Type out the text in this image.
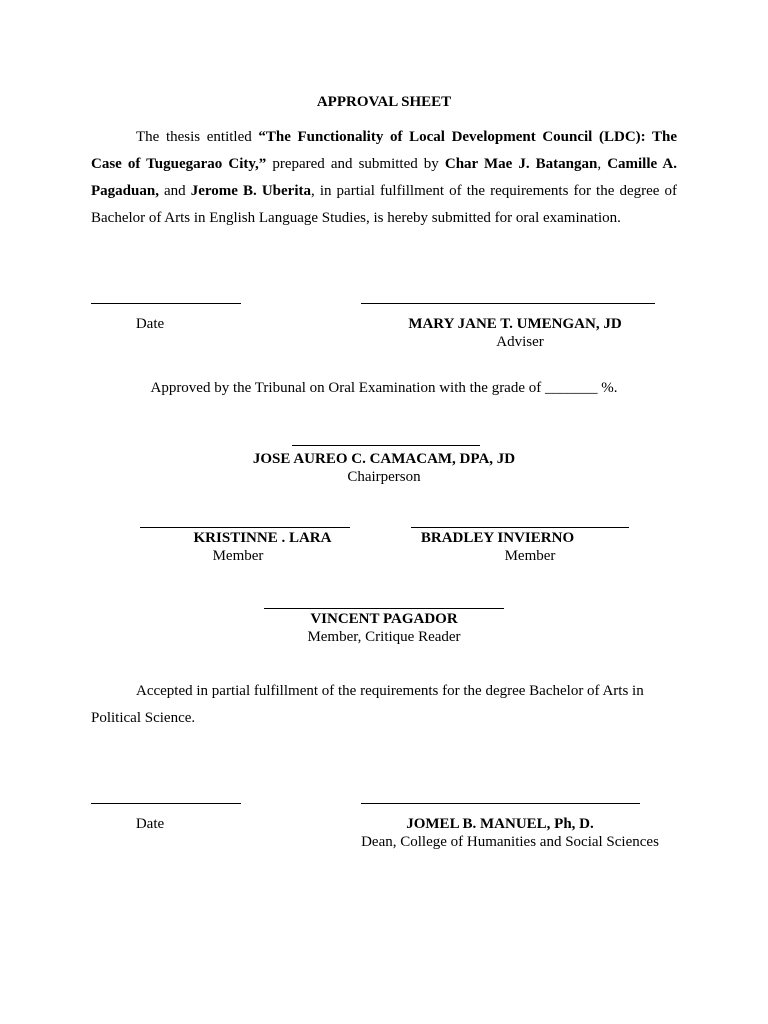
APPROVAL SHEET
The thesis entitled “The Functionality of Local Development Council (LDC): The Case of Tuguegarao City,” prepared and submitted by Char Mae J. Batangan, Camille A. Pagaduan, and Jerome B. Uberita, in partial fulfillment of the requirements for the degree of Bachelor of Arts in English Language Studies, is hereby submitted for oral examination.
Date	MARY JANE T. UMENGAN, JD
Adviser
Approved by the Tribunal on Oral Examination with the grade of _______ %.
JOSE AUREO C. CAMACAM, DPA, JD
Chairperson
KRISTINNE . LARA	BRADLEY INVIERNO
Member	Member
VINCENT PAGADOR
Member, Critique Reader
Accepted in partial fulfillment of the requirements for the degree Bachelor of Arts in Political Science.
Date	JOMEL B. MANUEL, Ph, D.
Dean, College of Humanities and Social Sciences
